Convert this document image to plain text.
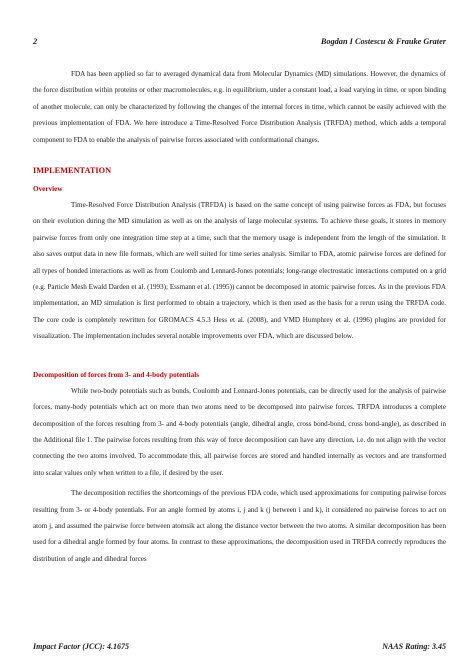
2	Bogdan I Costescu & Frauke Grater

FDA has been applied so far to averaged dynamical data from Molecular Dynamics (MD) simulations. However, the dynamics of the force distribution within proteins or other macromolecules, e.g. in equilibrium, under a constant load, a load varying in time, or upon binding of another molecule, can only be characterized by following the changes of the internal forces in time, which cannot be easily achieved with the previous implementation of FDA. We here introduce a Time-Resolved Force Distribution Analysis (TRFDA) method, which adds a temporal component to FDA to enable the analysis of pairwise forces associated with conformational changes.

IMPLEMENTATION
Overview

Time-Resolved Force Distribution Analysis (TRFDA) is based on the same concept of using pairwise forces as FDA, but focuses on their evolution during the MD simulation as well as on the analysis of large molecular systems. To achieve these goals, it stores in memory pairwise forces from only one integration time step at a time, such that the memory usage is independent from the length of the simulation. It also saves output data in new file formats, which are well suited for time series analysis. Similar to FDA, atomic pairwise forces are defined for all types of bonded interactions as well as from Coulomb and Lennard-Jones potentials; long-range electrostatic interactions computed on a grid (e.g. Particle Mesh Ewald Darden et al. (1993); Essmann et al. (1995)) cannot be decomposed in atomic pairwise forces. As in the previous FDA implementation, an MD simulation is first performed to obtain a trajectory, which is then used as the basis for a rerun using the TRFDA code. The core code is completely rewritten for GROMACS 4.5.3 Hess et al. (2008), and VMD Humphrey et al. (1996) plugins are provided for visualization. The implementation includes several notable improvements over FDA, which are discussed below.

Decomposition of forces from 3- and 4-body potentials

While two-body potentials such as bonds, Coulomb and Lennard-Jones potentials, can be directly used for the analysis of pairwise forces, many-body potentials which act on more than two atoms need to be decomposed into pairwise forces. TRFDA introduces a complete decomposition of the forces resulting from 3- and 4-body potentials (angle, dihedral angle, cross bond-bond, cross bond-angle), as described in the Additional file 1. The pairwise forces resulting from this way of force decomposition can have any direction, i.e. do not align with the vector connecting the two atoms involved. To accommodate this, all pairwise forces are stored and handled internally as vectors and are transformed into scalar values only when written to a file, if desired by the user.

The decomposition rectifies the shortcomings of the previous FDA code, which used approximations for computing pairwise forces resulting from 3- or 4-body potentials. For an angle formed by atoms i, j and k (j between i and k), it considered no pairwise forces to act on atom j, and assumed the pairwise force between atomsik act along the distance vector between the two atoms. A similar decomposition has been used for a dihedral angle formed by four atoms. In contrast to these approximations, the decomposition used in TRFDA correctly reproduces the distribution of angle and dihedral forces

Impact Factor (JCC): 4.1675	NAAS Rating: 3.45
